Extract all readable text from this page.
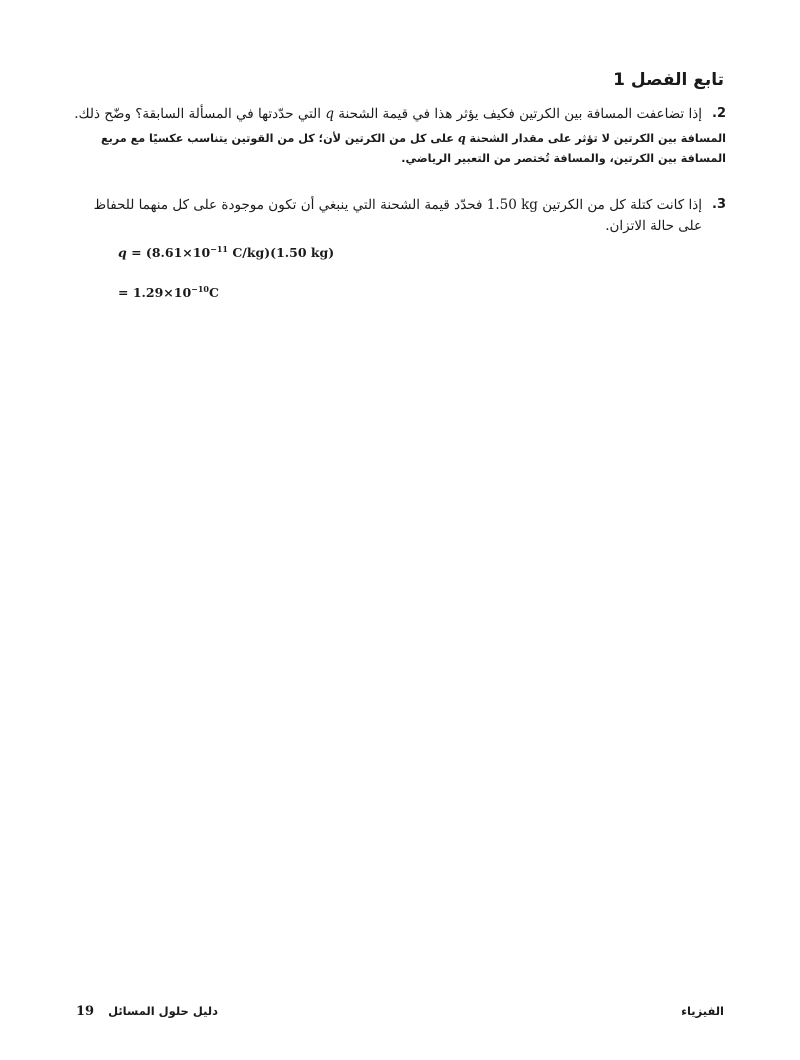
تابع الفصل 1
.2
إذا تضاعفت المسافة بين الكرتين فكيف يؤثر هذا في قيمة الشحنة q التي حدّدتها في المسألة السابقة؟ وضّح ذلك.
المسافة بين الكرتين لا تؤثر على مقدار الشحنة q على كل من الكرتين لأن؛ كل من القوتين يتناسب عكسيًا مع مربع المسافة بين الكرتين، والمسافة تُختصر من التعبير الرياضي.
.3
إذا كانت كتلة كل من الكرتين 1.50 kg فحدّد قيمة الشحنة التي ينبغي أن تكون موجودة على كل منهما للحفاظ على حالة الاتزان.
$q = (8.61\times 10^{-11}$ C/kg)(1.50 kg)
= $1.29\times 10^{-10}C$
دليل حلول المسائل
19	الفيزياء
